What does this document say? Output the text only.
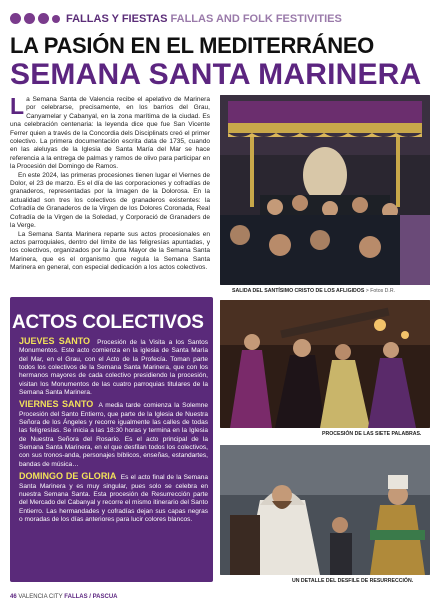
FALLAS Y FIESTAS FALLAS AND FOLK FESTIVITIES
LA PASIÓN EN EL MEDITERRÁNEO
SEMANA SANTA MARINERA

La Semana Santa de Valencia recibe el apelativo de Marinera por celebrarse, precisamente, en los barrios del Grau, Canyamelar y Cabanyal, en la zona marítima de la ciudad. Es una celebración centenaria: la leyenda dice que fue San Vicente Ferrer quien a través de la Concordia dels Disciplinats creó el primer colectivo. La primera documentación escrita data de 1735, cuando en las aleluyas de la Iglesia de Santa María del Mar se hace referencia a la entrega de palmas y ramos de olivo para participar en la Procesión del Domingo de Ramos.

En este 2024, las primeras procesiones tienen lugar el Viernes de Dolor, el 23 de marzo. Es el día de las corporaciones y cofradías de granaderos, representadas por la Imagen de la Dolorosa. En la actualidad son tres los colectivos de granaderos existentes: la Cofradía de Granaderos de la Virgen de los Dolores Coronada, Real Cofradía de la Virgen de la Soledad, y Corporació de Granaders de la Verge.

La Semana Santa Marinera reparte sus actos procesionales en actos parroquiales, dentro del límite de las feligresías apuntadas, y los colectivos, organizados por la Junta Mayor de la Semana Santa Marinera, que es el organismo que regula la Semana Santa Marinera en general, con especial dedicación a los actos colectivos.

SALIDA DEL SANTÍSIMO CRISTO DE LOS AFLIGIDOS > Fotos D.R.
PROCESIÓN DE LAS SIETE PALABRAS.
UN DETALLE DEL DESFILE DE RESURRECCIÓN.
ACTOS COLECTIVOS

JUEVES SANTO Procesión de la Visita a los Santos Monumentos. Este acto comienza en la iglesia de Santa María del Mar, en el Grau, con el Acto de la Profecía. Toman parte todos los colectivos de la Semana Santa Marinera, que con los hermanos mayores de cada colectivo presidiendo la procesión, visitan los Monumentos de las cuatro parroquias titulares de la Semana Santa Marinera.

VIERNES SANTO A media tarde comienza la Solemne Procesión del Santo Entierro, que parte de la Iglesia de Nuestra Señora de los Ángeles y recorre igualmente las calles de todas las feligresías. Se inicia a las 18:30 horas y termina en la Iglesia de Nuestra Señora del Rosario. Es el acto principal de la Semana Santa Marinera, en el que desfilan todos los colectivos, con sus tronos-anda, personajes bíblicos, enseñas, estandartes, bandas de música…

DOMINGO DE GLORIA Es el acto final de la Semana Santa Marinera y es muy singular, pues solo se celebra en nuestra Semana Santa. Esta procesión de Resurrección parte del Mercado del Cabanyal y recorre el mismo itinerario del Santo Entierro. Las hermandades y cofradías dejan sus capas negras o moradas de los días anteriores para lucir colores blancos.

46 VALENCIA CITY FALLAS / PASCUA
